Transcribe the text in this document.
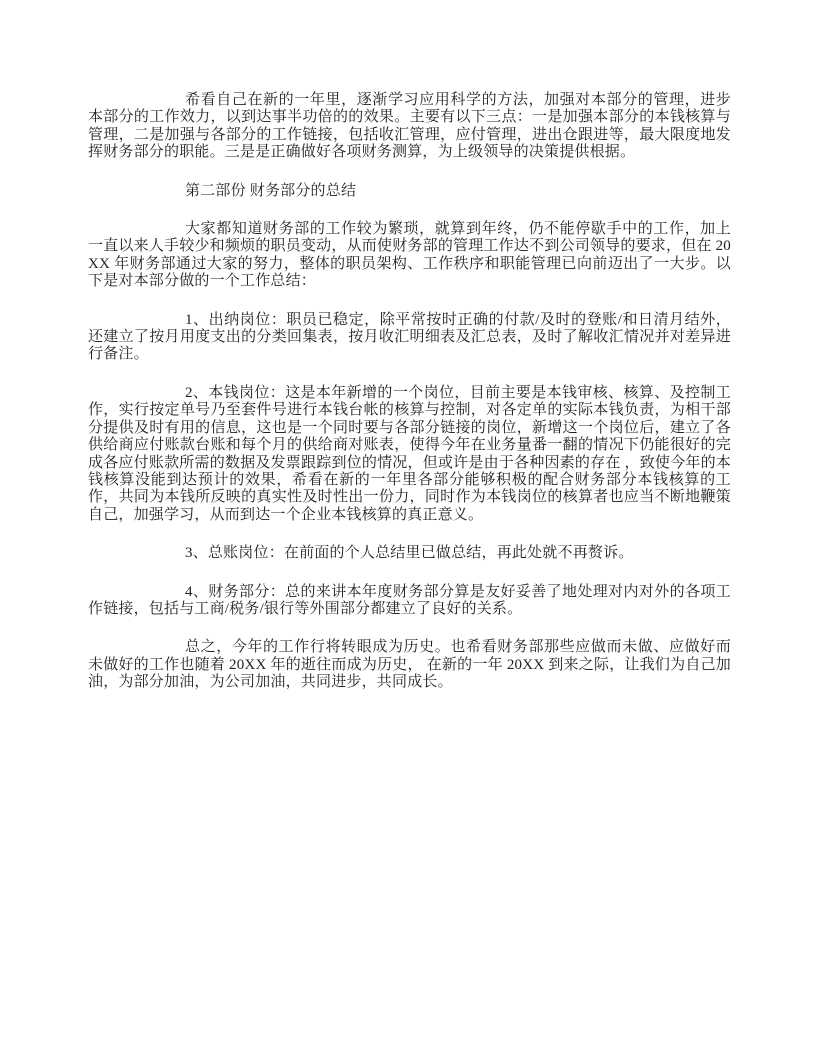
希看自己在新的一年里，逐渐学习应用科学的方法，加强对本部分的管理，进步本部分的工作效力，以到达事半功倍的的效果。主要有以下三点：一是加强本部分的本钱核算与管理，二是加强与各部分的工作链接，包括收汇管理，应付管理，进出仓跟进等，最大限度地发挥财务部分的职能。三是是正确做好各项财务测算，为上级领导的决策提供根据。

第二部份 财务部分的总结

大家都知道财务部的工作较为繁琐，就算到年终，仍不能停歇手中的工作，加上一直以来人手较少和频烦的职员变动，从而使财务部的管理工作达不到公司领导的要求，但在 20XX 年财务部通过大家的努力，整体的职员架构、工作秩序和职能管理已向前迈出了一大步。以下是对本部分做的一个工作总结：

1、出纳岗位：职员已稳定，除平常按时正确的付款/及时的登账/和日清月结外，还建立了按月用度支出的分类回集表，按月收汇明细表及汇总表，及时了解收汇情况并对差异进行备注。

2、本钱岗位：这是本年新增的一个岗位，目前主要是本钱审核、核算、及控制工作，实行按定单号乃至套件号进行本钱台帐的核算与控制，对各定单的实际本钱负责，为相干部分提供及时有用的信息，这也是一个同时要与各部分链接的岗位，新增这一个岗位后，建立了各供给商应付账款台账和每个月的供给商对账表，使得今年在业务量番一翻的情况下仍能很好的完成各应付账款所需的数据及发票跟踪到位的情况，但或许是由于各种因素的存在 ，致使今年的本钱核算没能到达预计的效果，希看在新的一年里各部分能够积极的配合财务部分本钱核算的工作，共同为本钱所反映的真实性及时性出一份力，同时作为本钱岗位的核算者也应当不断地鞭策自己，加强学习，从而到达一个企业本钱核算的真正意义。

3、总账岗位：在前面的个人总结里已做总结，再此处就不再赘诉。

4、财务部分：总的来讲本年度财务部分算是友好妥善了地处理对内对外的各项工作链接，包括与工商/税务/银行等外围部分都建立了良好的关系。

总之，今年的工作行将转眼成为历史。也希看财务部那些应做而未做、应做好而未做好的工作也随着 20XX 年的逝往而成为历史， 在新的一年 20XX 到来之际，让我们为自己加油，为部分加油，为公司加油，共同进步，共同成长。
